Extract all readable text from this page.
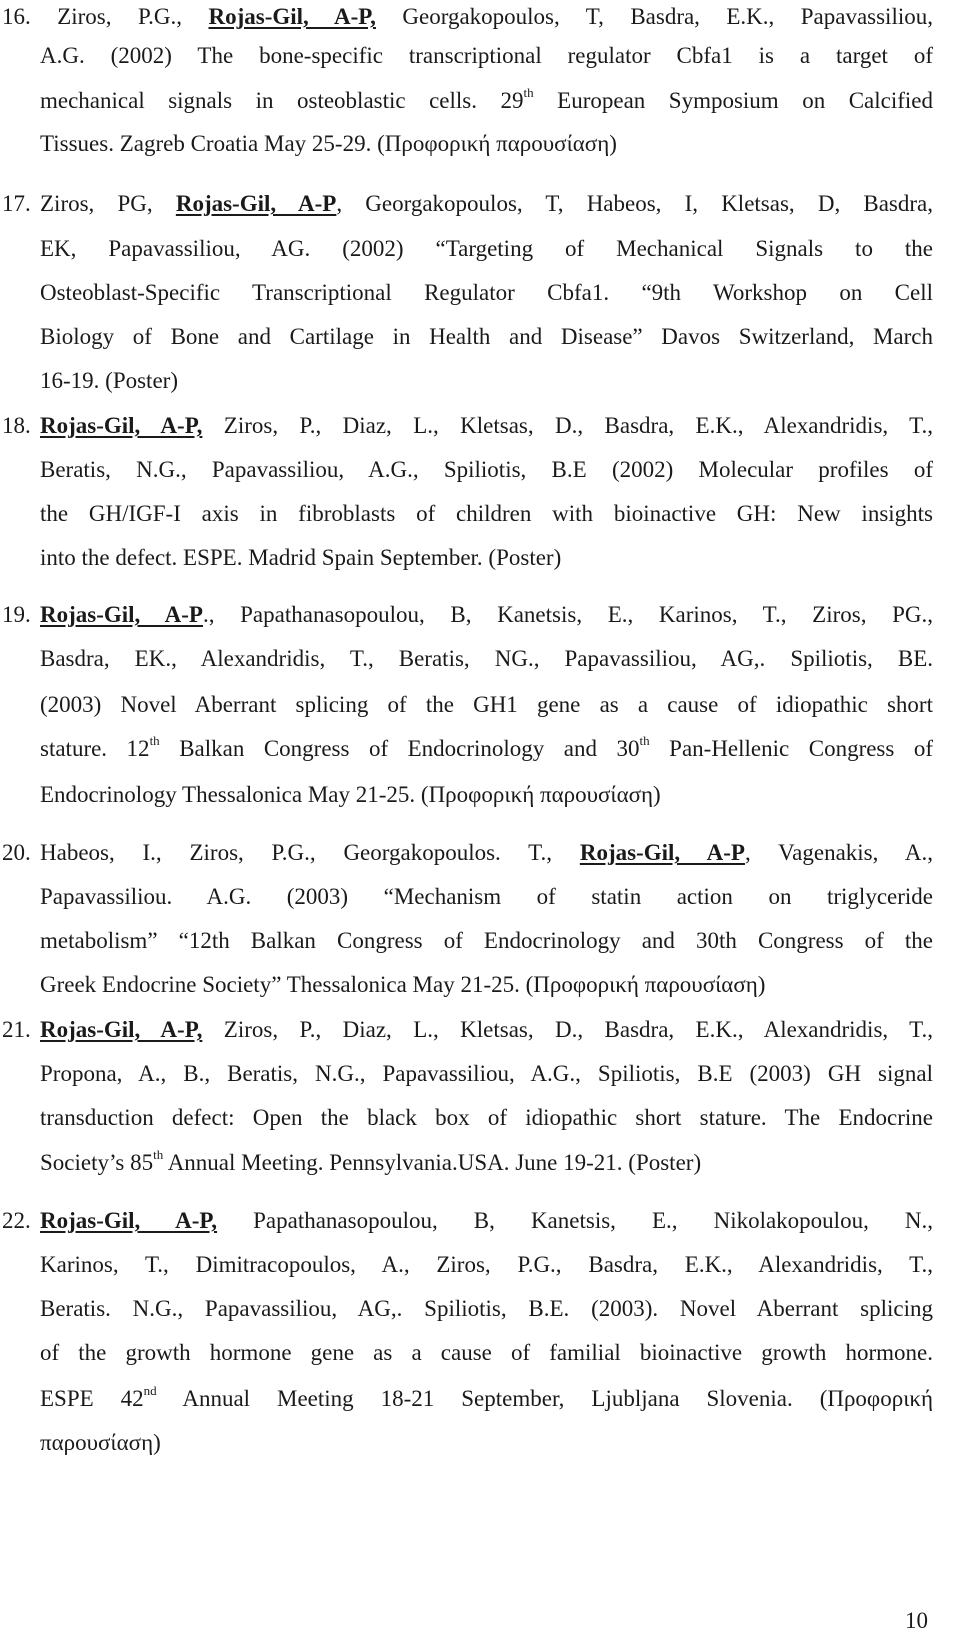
16. Ziros, P.G., Rojas-Gil, A-P, Georgakopoulos, T, Basdra, E.K., Papavassiliou,
A.G. (2002) The bone-specific transcriptional regulator Cbfa1 is a target of
mechanical signals in osteoblastic cells. 29th European Symposium on Calcified
Tissues. Zagreb Croatia May 25-29. (Προφορική παρουσίαση)
17. Ziros, PG, Rojas-Gil, A-P, Georgakopoulos, T, Habeos, I, Kletsas, D, Basdra,
EK, Papavassiliou, AG. (2002) “Targeting of Mechanical Signals to the
Osteoblast-Specific Transcriptional Regulator Cbfa1. “9th Workshop on Cell
Biology of Bone and Cartilage in Health and Disease” Davos Switzerland, March
16-19. (Poster)
18. Rojas-Gil, A-P, Ziros, P., Diaz, L., Kletsas, D., Basdra, E.K., Alexandridis, T.,
Beratis, N.G., Papavassiliou, A.G., Spiliotis, B.E (2002) Molecular profiles of
the GH/IGF-I axis in fibroblasts of children with bioinactive GH: New insights
into the defect. ESPE. Madrid Spain September. (Poster)
19. Rojas-Gil, A-P., Papathanasopoulou, B, Kanetsis, E., Karinos, T., Ziros, PG.,
Basdra, EK., Alexandridis, T., Beratis, NG., Papavassiliou, AG,. Spiliotis, BE.
(2003) Novel Aberrant splicing of the GH1 gene as a cause of idiopathic short
stature. 12th Balkan Congress of Endocrinology and 30th Pan-Hellenic Congress of
Endocrinology Thessalonica May 21-25. (Προφορική παρουσίαση)
20. Habeos, I., Ziros, P.G., Georgakopoulos. T., Rojas-Gil, A-P, Vagenakis, A.,
Papavassiliou. A.G. (2003) “Mechanism of statin action on triglyceride
metabolism” “12th Balkan Congress of Endocrinology and 30th Congress of the
Greek Endocrine Society” Thessalonica May 21-25. (Προφορική παρουσίαση)
21. Rojas-Gil, A-P, Ziros, P., Diaz, L., Kletsas, D., Basdra, E.K., Alexandridis, T.,
Propona, A., B., Beratis, N.G., Papavassiliou, A.G., Spiliotis, B.E (2003) GH signal
transduction defect: Open the black box of idiopathic short stature. The Endocrine
Society’s 85th Annual Meeting. Pennsylvania.USA. June 19-21. (Poster)
22. Rojas-Gil, A-P, Papathanasopoulou, B, Kanetsis, E., Nikolakopoulou, N.,
Karinos, T., Dimitracopoulos, A., Ziros, P.G., Basdra, E.K., Alexandridis, T.,
Beratis. N.G., Papavassiliou, AG,. Spiliotis, B.E. (2003). Novel Aberrant splicing
of the growth hormone gene as a cause of familial bioinactive growth hormone.
ESPE 42nd Annual Meeting 18-21 September, Ljubljana Slovenia. (Προφορική
παρουσίαση)
10
